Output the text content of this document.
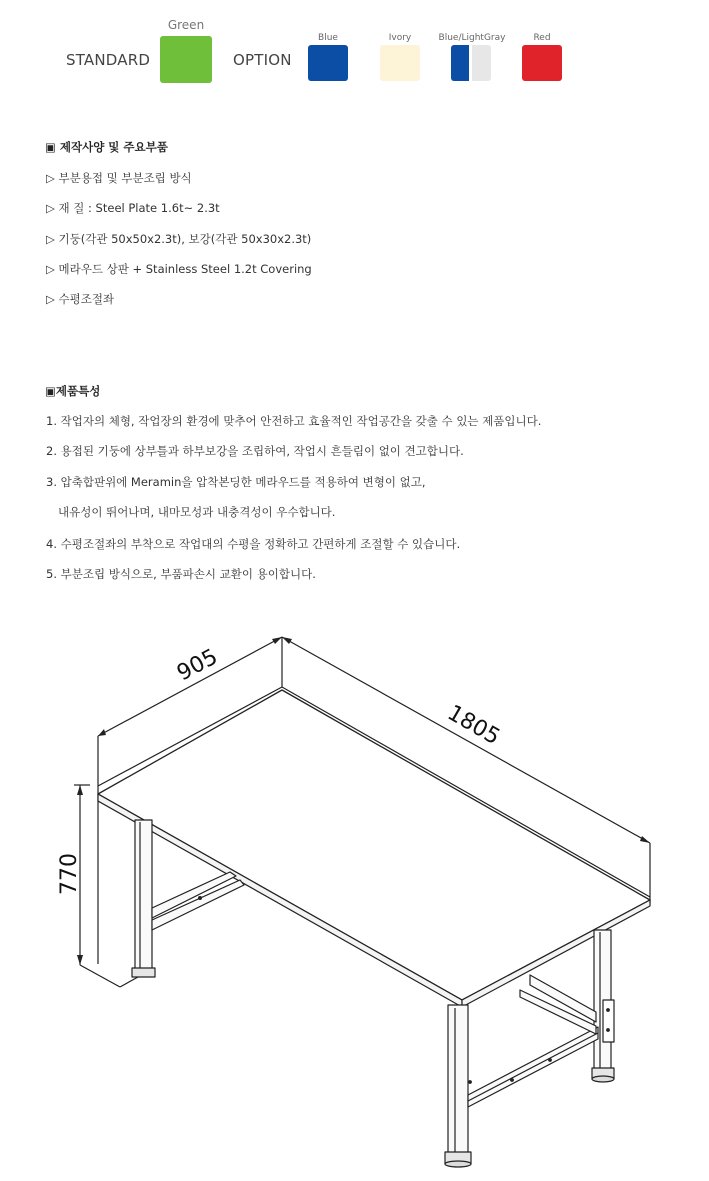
STANDARD
Green
OPTION
Blue	Ivory	Blue/LightGray	Red
▣ 제작사양 및 주요부품
▷ 부분용접 및 부분조립 방식
▷ 재 질 : Steel Plate 1.6t~ 2.3t
▷ 기둥(각관 50x50x2.3t), 보강(각관 50x30x2.3t)
▷ 메라우드 상판 + Stainless Steel 1.2t Covering
▷ 수평조절좌
▣제품특성
1. 작업자의 체형, 작업장의 환경에 맞추어 안전하고 효율적인 작업공간을 갖출 수 있는 제품입니다.
2. 용접된 기둥에 상부틀과 하부보강을 조립하여, 작업시 흔들림이 없이 견고합니다.
3. 압축합판위에 Meramin을 압착본딩한 메라우드를 적용하여 변형이 없고,
내유성이 뛰어나며, 내마모성과 내충격성이 우수합니다.
4. 수평조절좌의 부착으로 작업대의 수평을 정확하고 간편하게 조절할 수 있습니다.
5. 부분조립 방식으로, 부품파손시 교환이 용이합니다.
905
1805
770
